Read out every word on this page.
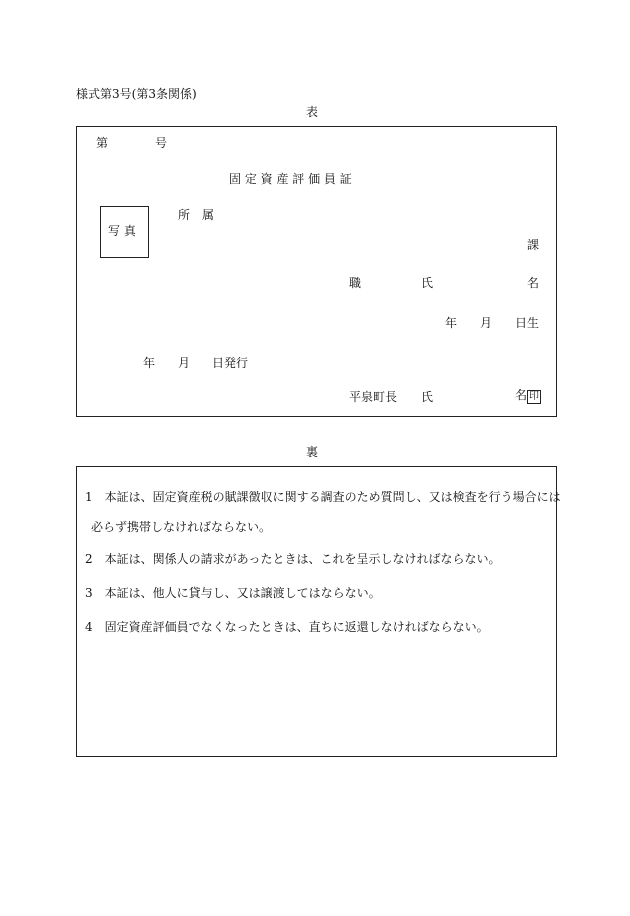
様式第3号(第3条関係)
表
第	号
固 定 資 産 評 価 員 証
写 真
所　属
課
職	氏	名
年 月 日生
年 月 日発行
平泉町長 氏	名 印
裏
1　本証は、固定資産税の賦課徴収に関する調査のため質問し、又は検査を行う場合には
必らず携帯しなければならない。
2　本証は、関係人の請求があったときは、これを呈示しなければならない。
3　本証は、他人に貸与し、又は譲渡してはならない。
4　固定資産評価員でなくなったときは、直ちに返還しなければならない。
